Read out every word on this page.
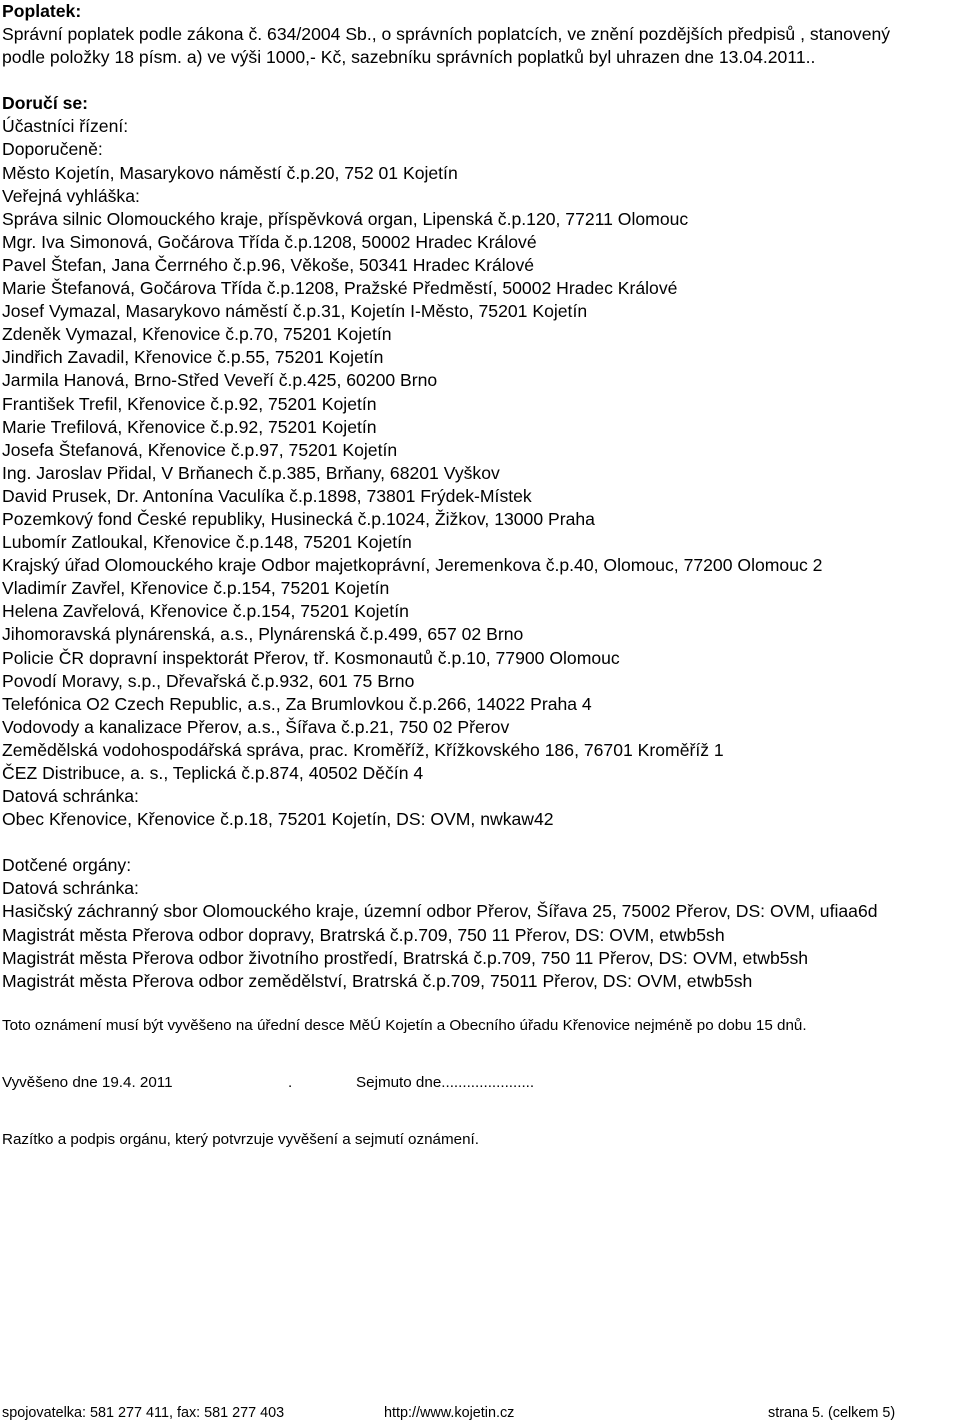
Poplatek:
Správní poplatek podle zákona č. 634/2004 Sb., o správních poplatcích, ve znění pozdějších předpisů , stanovený podle položky 18 písm. a) ve výši 1000,- Kč, sazebníku správních poplatků byl uhrazen dne 13.04.2011..
Doručí se:
Účastníci řízení:
Doporučeně:
Město Kojetín, Masarykovo náměstí č.p.20, 752 01 Kojetín
Veřejná vyhláška:
Správa silnic Olomouckého kraje, příspěvková organ, Lipenská č.p.120, 77211 Olomouc
Mgr. Iva Simonová, Gočárova Třída č.p.1208, 50002 Hradec Králové
Pavel Štefan, Jana Čerrného č.p.96, Věkoše, 50341 Hradec Králové
Marie Štefanová, Gočárova Třída č.p.1208, Pražské Předměstí, 50002 Hradec Králové
Josef Vymazal, Masarykovo náměstí č.p.31, Kojetín I-Město, 75201 Kojetín
Zdeněk Vymazal, Křenovice č.p.70, 75201 Kojetín
Jindřich Zavadil, Křenovice č.p.55, 75201 Kojetín
Jarmila Hanová, Brno-Střed Veveří č.p.425, 60200 Brno
František Trefil, Křenovice č.p.92, 75201 Kojetín
Marie Trefilová, Křenovice č.p.92, 75201 Kojetín
Josefa Štefanová, Křenovice č.p.97, 75201 Kojetín
Ing. Jaroslav Přidal, V Brňanech č.p.385, Brňany, 68201 Vyškov
David Prusek, Dr. Antonína Vaculíka č.p.1898, 73801 Frýdek-Místek
Pozemkový fond České republiky, Husinecká č.p.1024, Žižkov, 13000 Praha
Lubomír Zatloukal, Křenovice č.p.148, 75201 Kojetín
Krajský úřad Olomouckého kraje Odbor majetkoprávní, Jeremenkova č.p.40, Olomouc, 77200 Olomouc 2
Vladimír Zavřel, Křenovice č.p.154, 75201 Kojetín
Helena Zavřelová, Křenovice č.p.154, 75201 Kojetín
Jihomoravská plynárenská, a.s., Plynárenská č.p.499, 657 02 Brno
Policie ČR dopravní inspektorát Přerov, tř. Kosmonautů č.p.10, 77900 Olomouc
Povodí Moravy, s.p., Dřevařská č.p.932, 601 75 Brno
Telefónica O2 Czech Republic, a.s., Za Brumlovkou č.p.266, 14022 Praha 4
Vodovody a kanalizace Přerov, a.s., Šířava č.p.21, 750 02 Přerov
Zemědělská vodohospodářská správa, prac. Kroměříž, Křížkovského 186, 76701 Kroměříž 1
ČEZ Distribuce, a. s., Teplická č.p.874, 40502 Děčín 4
Datová schránka:
Obec Křenovice, Křenovice č.p.18, 75201 Kojetín, DS: OVM, nwkaw42
Dotčené orgány:
Datová schránka:
Hasičský záchranný sbor Olomouckého kraje, územní odbor Přerov, Šířava 25, 75002 Přerov, DS: OVM, ufiaa6d
Magistrát města Přerova odbor dopravy, Bratrská č.p.709, 750 11 Přerov, DS: OVM, etwb5sh
Magistrát města Přerova odbor životního prostředí, Bratrská č.p.709, 750 11 Přerov, DS: OVM, etwb5sh
Magistrát města Přerova odbor zemědělství, Bratrská č.p.709, 75011 Přerov, DS: OVM, etwb5sh
Toto oznámení musí být vyvěšeno na úřední desce MěÚ Kojetín a Obecního úřadu Křenovice nejméně po dobu 15 dnů.
Vyvěšeno dne 19.4. 2011	.	Sejmuto dne......................
Razítko a podpis orgánu, který potvrzuje vyvěšení a sejmutí oznámení.
spojovatelka: 581 277 411, fax: 581 277 403	http://www.kojetin.cz	strana 5. (celkem 5)
